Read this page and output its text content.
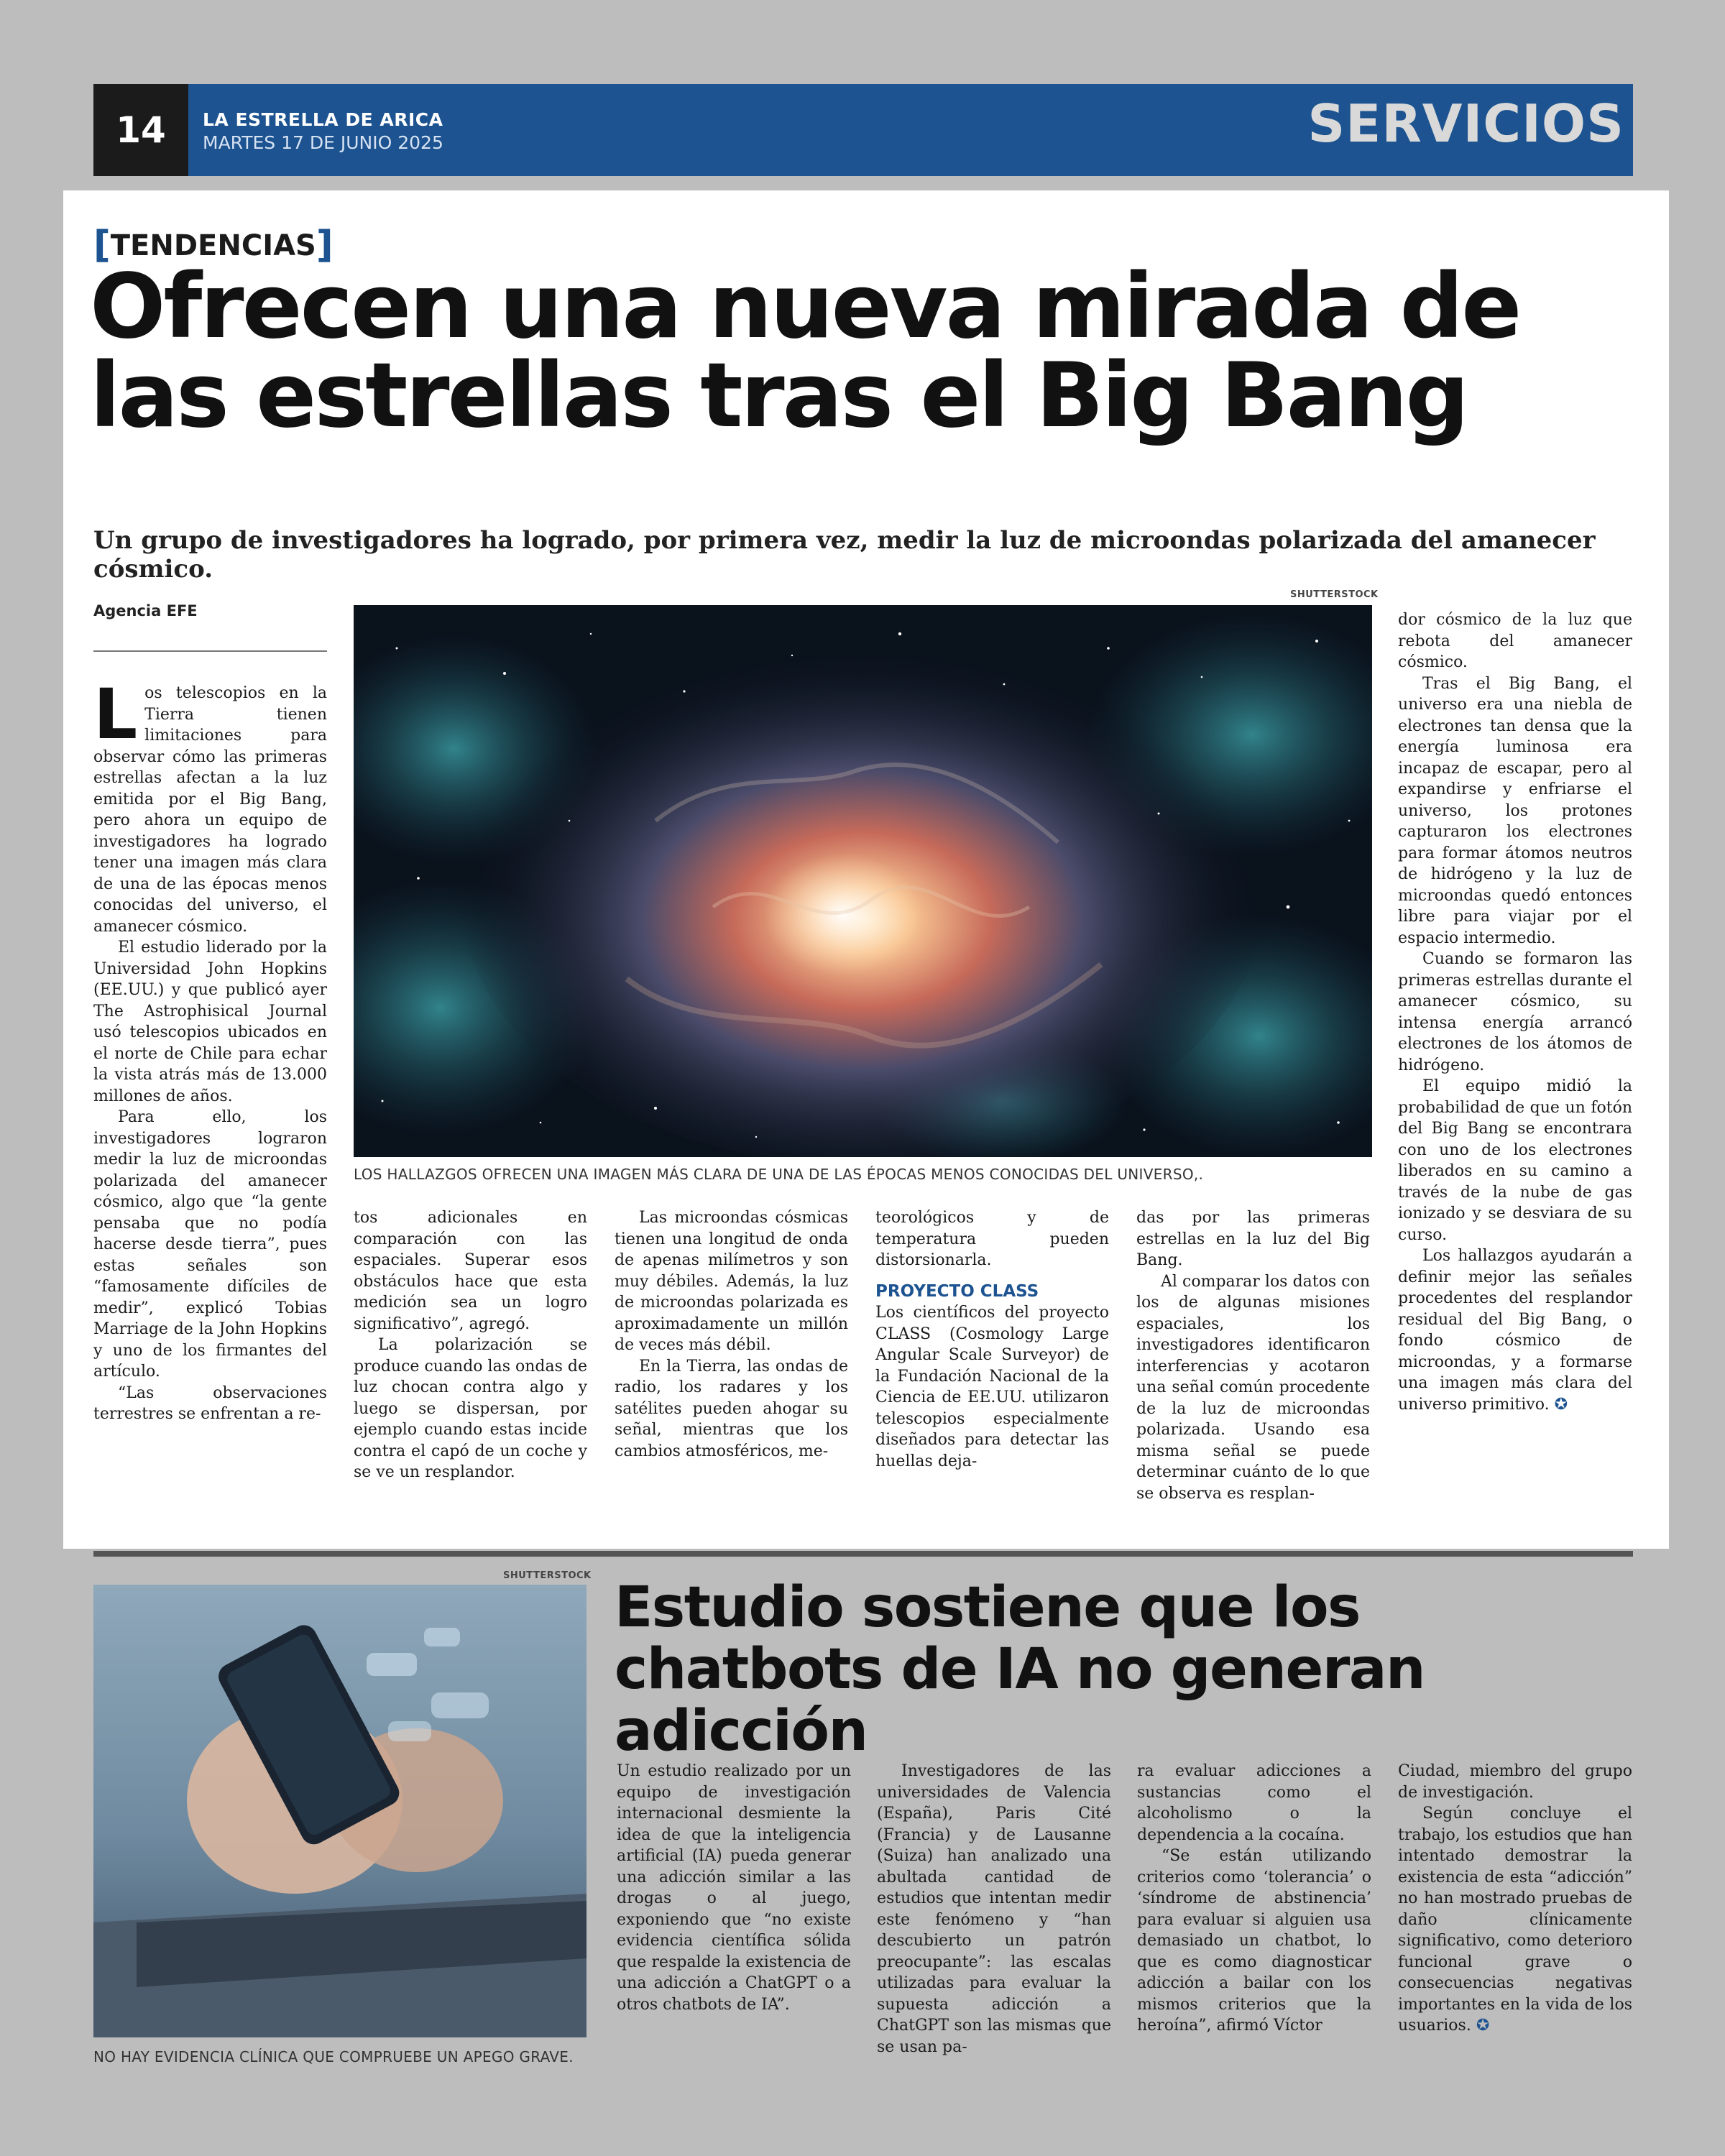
14	LA ESTRELLA DE ARICA
MARTES 17 DE JUNIO 2025	SERVICIOS
[TENDENCIAS]
Ofrecen una nueva mirada de las estrellas tras el Big Bang
Un grupo de investigadores ha logrado, por primera vez, medir la luz de microondas polarizada del amanecer cósmico.
Agencia EFE

Los telescopios en la Tierra tienen limitaciones para observar cómo las primeras estrellas afectan a la luz emitida por el Big Bang, pero ahora un equipo de investigadores ha logrado tener una imagen más clara de una de las épocas menos conocidas del universo, el amanecer cósmico.

El estudio liderado por la Universidad John Hopkins (EE.UU.) y que publicó ayer The Astrophisical Journal usó telescopios ubicados en el norte de Chile para echar la vista atrás más de 13.000 millones de años.

Para ello, los investigadores lograron medir la luz de microondas polarizada del amanecer cósmico, algo que “la gente pensaba que no podía hacerse desde tierra”, pues estas señales son “famosamente difíciles de medir”, explicó Tobias Marriage de la John Hopkins y uno de los firmantes del artículo.

“Las observaciones terrestres se enfrentan a re-

SHUTTERSTOCK
LOS HALLAZGOS OFRECEN UNA IMAGEN MÁS CLARA DE UNA DE LAS ÉPOCAS MENOS CONOCIDAS DEL UNIVERSO,.

tos adicionales en comparación con las espaciales. Superar esos obstáculos hace que esta medición sea un logro significativo”, agregó.

La polarización se produce cuando las ondas de luz chocan contra algo y luego se dispersan, por ejemplo cuando estas incide contra el capó de un coche y se ve un resplandor.

Las microondas cósmicas tienen una longitud de onda de apenas milímetros y son muy débiles. Además, la luz de microondas polarizada es aproximadamente un millón de veces más débil.

En la Tierra, las ondas de radio, los radares y los satélites pueden ahogar su señal, mientras que los cambios atmosféricos, me-

teorológicos y de temperatura pueden distorsionarla.

PROYECTO CLASS

Los científicos del proyecto CLASS (Cosmology Large Angular Scale Surveyor) de la Fundación Nacional de la Ciencia de EE.UU. utilizaron telescopios especialmente diseñados para detectar las huellas deja-

das por las primeras estrellas en la luz del Big Bang.

Al comparar los datos con los de algunas misiones espaciales, los investigadores identificaron interferencias y acotaron una señal común procedente de la luz de microondas polarizada. Usando esa misma señal se puede determinar cuánto de lo que se observa es resplan-

dor cósmico de la luz que rebota del amanecer cósmico.

Tras el Big Bang, el universo era una niebla de electrones tan densa que la energía luminosa era incapaz de escapar, pero al expandirse y enfriarse el universo, los protones capturaron los electrones para formar átomos neutros de hidrógeno y la luz de microondas quedó entonces libre para viajar por el espacio intermedio.

Cuando se formaron las primeras estrellas durante el amanecer cósmico, su intensa energía arrancó electrones de los átomos de hidrógeno.

El equipo midió la probabilidad de que un fotón del Big Bang se encontrara con uno de los electrones liberados en su camino a través de la nube de gas ionizado y se desviara de su curso.

Los hallazgos ayudarán a definir mejor las señales procedentes del resplandor residual del Big Bang, o fondo cósmico de microondas, y a formarse una imagen más clara del universo primitivo. ✪

SHUTTERSTOCK
NO HAY EVIDENCIA CLÍNICA QUE COMPRUEBE UN APEGO GRAVE.
Estudio sostiene que los chatbots de IA no generan adicción

Un estudio realizado por un equipo de investigación internacional desmiente la idea de que la inteligencia artificial (IA) pueda generar una adicción similar a las drogas o al juego, exponiendo que “no existe evidencia científica sólida que respalde la existencia de una adicción a ChatGPT o a otros chatbots de IA”.

Investigadores de las universidades de Valencia (España), Paris Cité (Francia) y de Lausanne (Suiza) han analizado una abultada cantidad de estudios que intentan medir este fenómeno y “han descubierto un patrón preocupante”: las escalas utilizadas para evaluar la supuesta adicción a ChatGPT son las mismas que se usan pa-

ra evaluar adicciones a sustancias como el alcoholismo o la dependencia a la cocaína.

“Se están utilizando criterios como ‘tolerancia’ o ‘síndrome de abstinencia’ para evaluar si alguien usa demasiado un chatbot, lo que es como diagnosticar adicción a bailar con los mismos criterios que la heroína”, afirmó Víctor

Ciudad, miembro del grupo de investigación.

Según concluye el trabajo, los estudios que han intentado demostrar la existencia de esta “adicción” no han mostrado pruebas de daño clínicamente significativo, como deterioro funcional grave o consecuencias negativas importantes en la vida de los usuarios. ✪
